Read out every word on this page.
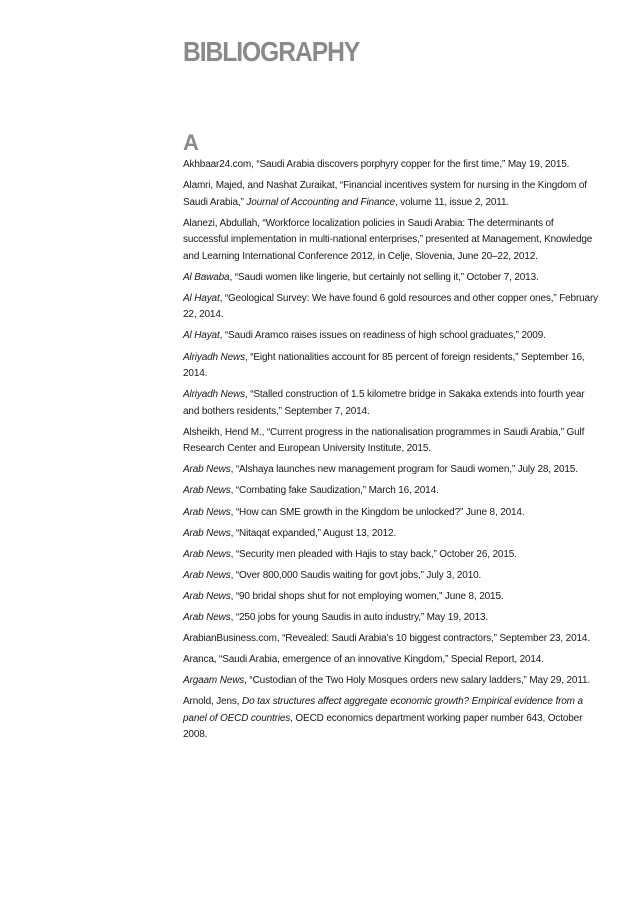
BIBLIOGRAPHY
A

Akhbaar24.com, “Saudi Arabia discovers porphyry copper for the first time,” May 19, 2015.

Alamri, Majed, and Nashat Zuraikat, “Financial incentives system for nursing in the Kingdom of Saudi Arabia,” Journal of Accounting and Finance, volume 11, issue 2, 2011.

Alanezi, Abdullah, “Workforce localization policies in Saudi Arabia: The determinants of successful implementation in multi-national enterprises,” presented at Management, Knowledge and Learning International Conference 2012, in Celje, Slovenia, June 20–22, 2012.

Al Bawaba, “Saudi women like lingerie, but certainly not selling it,” October 7, 2013.

Al Hayat, “Geological Survey: We have found 6 gold resources and other copper ones,” February 22, 2014.

Al Hayat, “Saudi Aramco raises issues on readiness of high school graduates,” 2009.

Alriyadh News, “Eight nationalities account for 85 percent of foreign residents,” September 16, 2014.

Alriyadh News, “Stalled construction of 1.5 kilometre bridge in Sakaka extends into fourth year and bothers residents,” September 7, 2014.

Alsheikh, Hend M., “Current progress in the nationalisation programmes in Saudi Arabia,” Gulf Research Center and European University Institute, 2015.

Arab News, “Alshaya launches new management program for Saudi women,” July 28, 2015.

Arab News, “Combating fake Saudization,” March 16, 2014.

Arab News, “How can SME growth in the Kingdom be unlocked?” June 8, 2014.

Arab News, “Nitaqat expanded,” August 13, 2012.

Arab News, “Security men pleaded with Hajis to stay back,” October 26, 2015.

Arab News, “Over 800,000 Saudis waiting for govt jobs,” July 3, 2010.

Arab News, “90 bridal shops shut for not employing women,” June 8, 2015.

Arab News, “250 jobs for young Saudis in auto industry,” May 19, 2013.

ArabianBusiness.com, “Revealed: Saudi Arabia’s 10 biggest contractors,” September 23, 2014.

Aranca, “Saudi Arabia, emergence of an innovative Kingdom,” Special Report, 2014.

Argaam News, “Custodian of the Two Holy Mosques orders new salary ladders,” May 29, 2011.

Arnold, Jens, Do tax structures affect aggregate economic growth? Empirical evidence from a panel of OECD countries, OECD economics department working paper number 643, October 2008.
